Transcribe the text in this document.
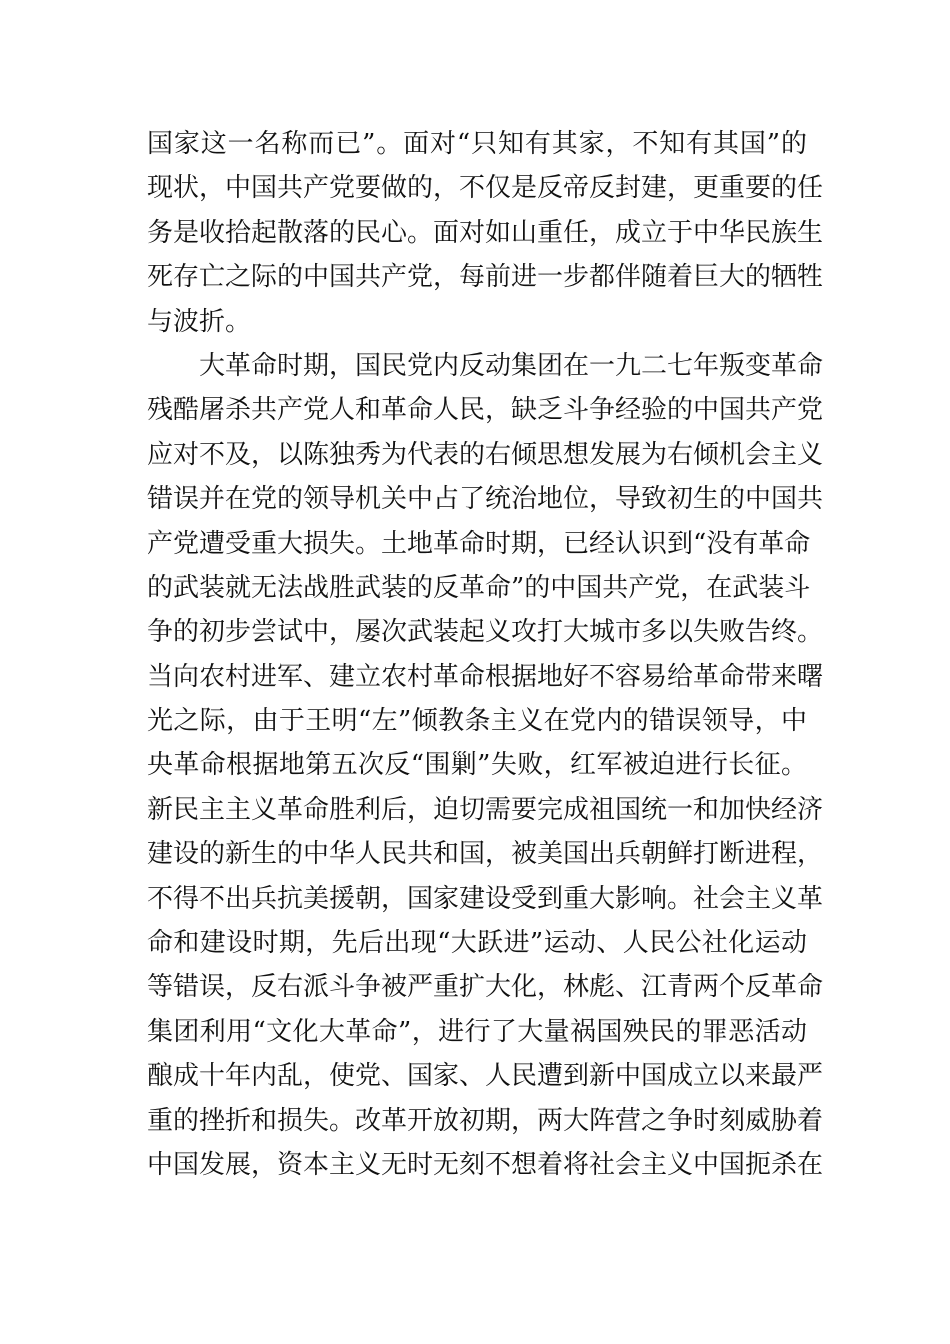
国家这一名称而已”。面对“只知有其家，不知有其国”的
现状，中国共产党要做的，不仅是反帝反封建，更重要的任
务是收拾起散落的民心。面对如山重任，成立于中华民族生
死存亡之际的中国共产党，每前进一步都伴随着巨大的牺牲
与波折。
大革命时期，国民党内反动集团在一九二七年叛变革命
残酷屠杀共产党人和革命人民，缺乏斗争经验的中国共产党
应对不及，以陈独秀为代表的右倾思想发展为右倾机会主义
错误并在党的领导机关中占了统治地位，导致初生的中国共
产党遭受重大损失。土地革命时期，已经认识到“没有革命
的武装就无法战胜武装的反革命”的中国共产党，在武装斗
争的初步尝试中，屡次武装起义攻打大城市多以失败告终。
当向农村进军、建立农村革命根据地好不容易给革命带来曙
光之际，由于王明“左”倾教条主义在党内的错误领导，中
央革命根据地第五次反“围剿”失败，红军被迫进行长征。
新民主主义革命胜利后，迫切需要完成祖国统一和加快经济
建设的新生的中华人民共和国，被美国出兵朝鲜打断进程，
不得不出兵抗美援朝，国家建设受到重大影响。社会主义革
命和建设时期，先后出现“大跃进”运动、人民公社化运动
等错误，反右派斗争被严重扩大化，林彪、江青两个反革命
集团利用“文化大革命”，进行了大量祸国殃民的罪恶活动
酿成十年内乱，使党、国家、人民遭到新中国成立以来最严
重的挫折和损失。改革开放初期，两大阵营之争时刻威胁着
中国发展，资本主义无时无刻不想着将社会主义中国扼杀在
